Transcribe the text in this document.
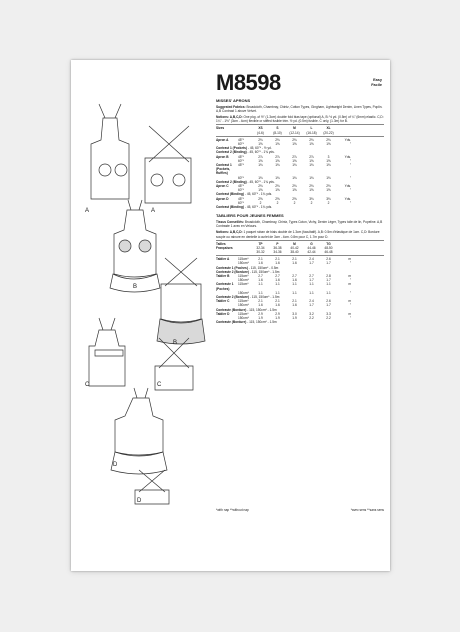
A	A
B
B
C	C
D
D
Easy
Facile
M8598
MISSES' APRONS
Suggested Fabrics: Broadcloth, Chambray, Chintz, Cotton Types, Gingham, Lightweight Denim, Linen Types, Poplin. A,B Contrast 1 above Velvet.
Notions: A,B,C,D: One pkg. of ½" (1.3cm) double fold bias tape (optional) A, B: ½ yd. (0.5m) of ¼" (6mm) elastic. C,D: 1¼" - 1½" (3cm - 4cm) flexible or stiffed fusible trim. ½ yd. (0.5m) fusible. C only, (1.3m) for B.
Sizes	XS	S	M	L	XL
(4-6)	(8-10)	(12-14)	(16-18)	(20-22)
Apron A	45"*	2⅛	2⅛	2⅛	2⅛	2⅛	Yds.
60"*	1⅝	1⅝	1⅝	1⅝	1⅝	"
Contrast 1 (Pockets) - 45, 60"* - ½ yd.
Contrast 2 (Binding) - 45, 60"* - 1¾ yds.
Apron B	45"*	2⅞	2⅞	2⅞	2⅞	3	Yds.
60"*	1⅝	1⅝	1⅝	1⅝	1⅝	"
Contrast 1 (Pockets, Ruffles)
45"*	1⅛	1⅛	1⅛	1⅛	1⅛	"
60"*	1⅛	1⅛	1⅛	1⅛	1⅛	"
Contrast 2 (Binding) - 45, 60"* - 1¾ yds.
Apron C	45"*	2⅛	2⅛	2⅛	2⅛	2⅛	Yds.
60"*	1⅝	1⅝	1⅝	1⅝	1⅝	"
Contrast (Binding) - 45, 60"* - 1¾ yds.
Apron D	45"*	2⅝	2⅝	2⅝	3⅛	3⅛	Yds.
60"*	2	2	2	2	2	"
Contrast (Binding) - 45, 60"* - 1¾ yds.
TABLIERS POUR JEUNES FEMMES
Tissus Conseillés: Broadcloth, Chambray, Chintz, Types Coton, Vichy, Denim Léger, Types toile de lin, Popeline. A,B Contraste 1 avec en Velours.
Notions: A,B,C,D: 1 paquet ruban de biais double de 1.3cm (facultatif). A,B: 0.5m d'élastique de 1cm. C,D: Bordure souple ou rainure en dentelle à ourlet de 3cm - 4cm. 0.8m pour C, 1.7m pour D.
Tailles	TP	P	M	G	TG
Françaises	32-34	36-38	40-42	44-46	48-50
30-32	34-36	38-40	42-44	46-48
Tablier A	115cm*	2.1	2.1	2.1	2.4	2.6	m
150cm*	1.6	1.6	1.6	1.7	1.7	"
Contraste 1 (Poches) - 115, 150cm* - 0.5m
Contraste 2 (Bordure) - 115, 150cm* - 1.5m
Tablier B	115cm*	2.7	2.7	2.7	2.7	2.8	m
150cm*	1.6	1.6	1.6	1.7	1.7	"
Contraste 1 (Poches)
115cm*	1.1	1.1	1.1	1.1	1.1	m
150cm*	1.1	1.1	1.1	1.1	1.1	"
Contraste 2 (Bordure) - 115, 150cm* - 1.5m
Tablier C	115cm*	2.1	2.1	2.1	2.4	2.6	m
150cm*	1.6	1.6	1.6	1.7	1.7	"
Contraste (Bordure) - 115, 150cm* - 1.5m
Tablier D	115cm*	2.9	2.9	3.0	3.2	3.3	m
150cm*	1.9	1.9	1.9	2.2	2.2	"
Contraste (Bordure) - 115, 150cm* - 1.5m
*with nap **without nap	*avec sens **sans sens
